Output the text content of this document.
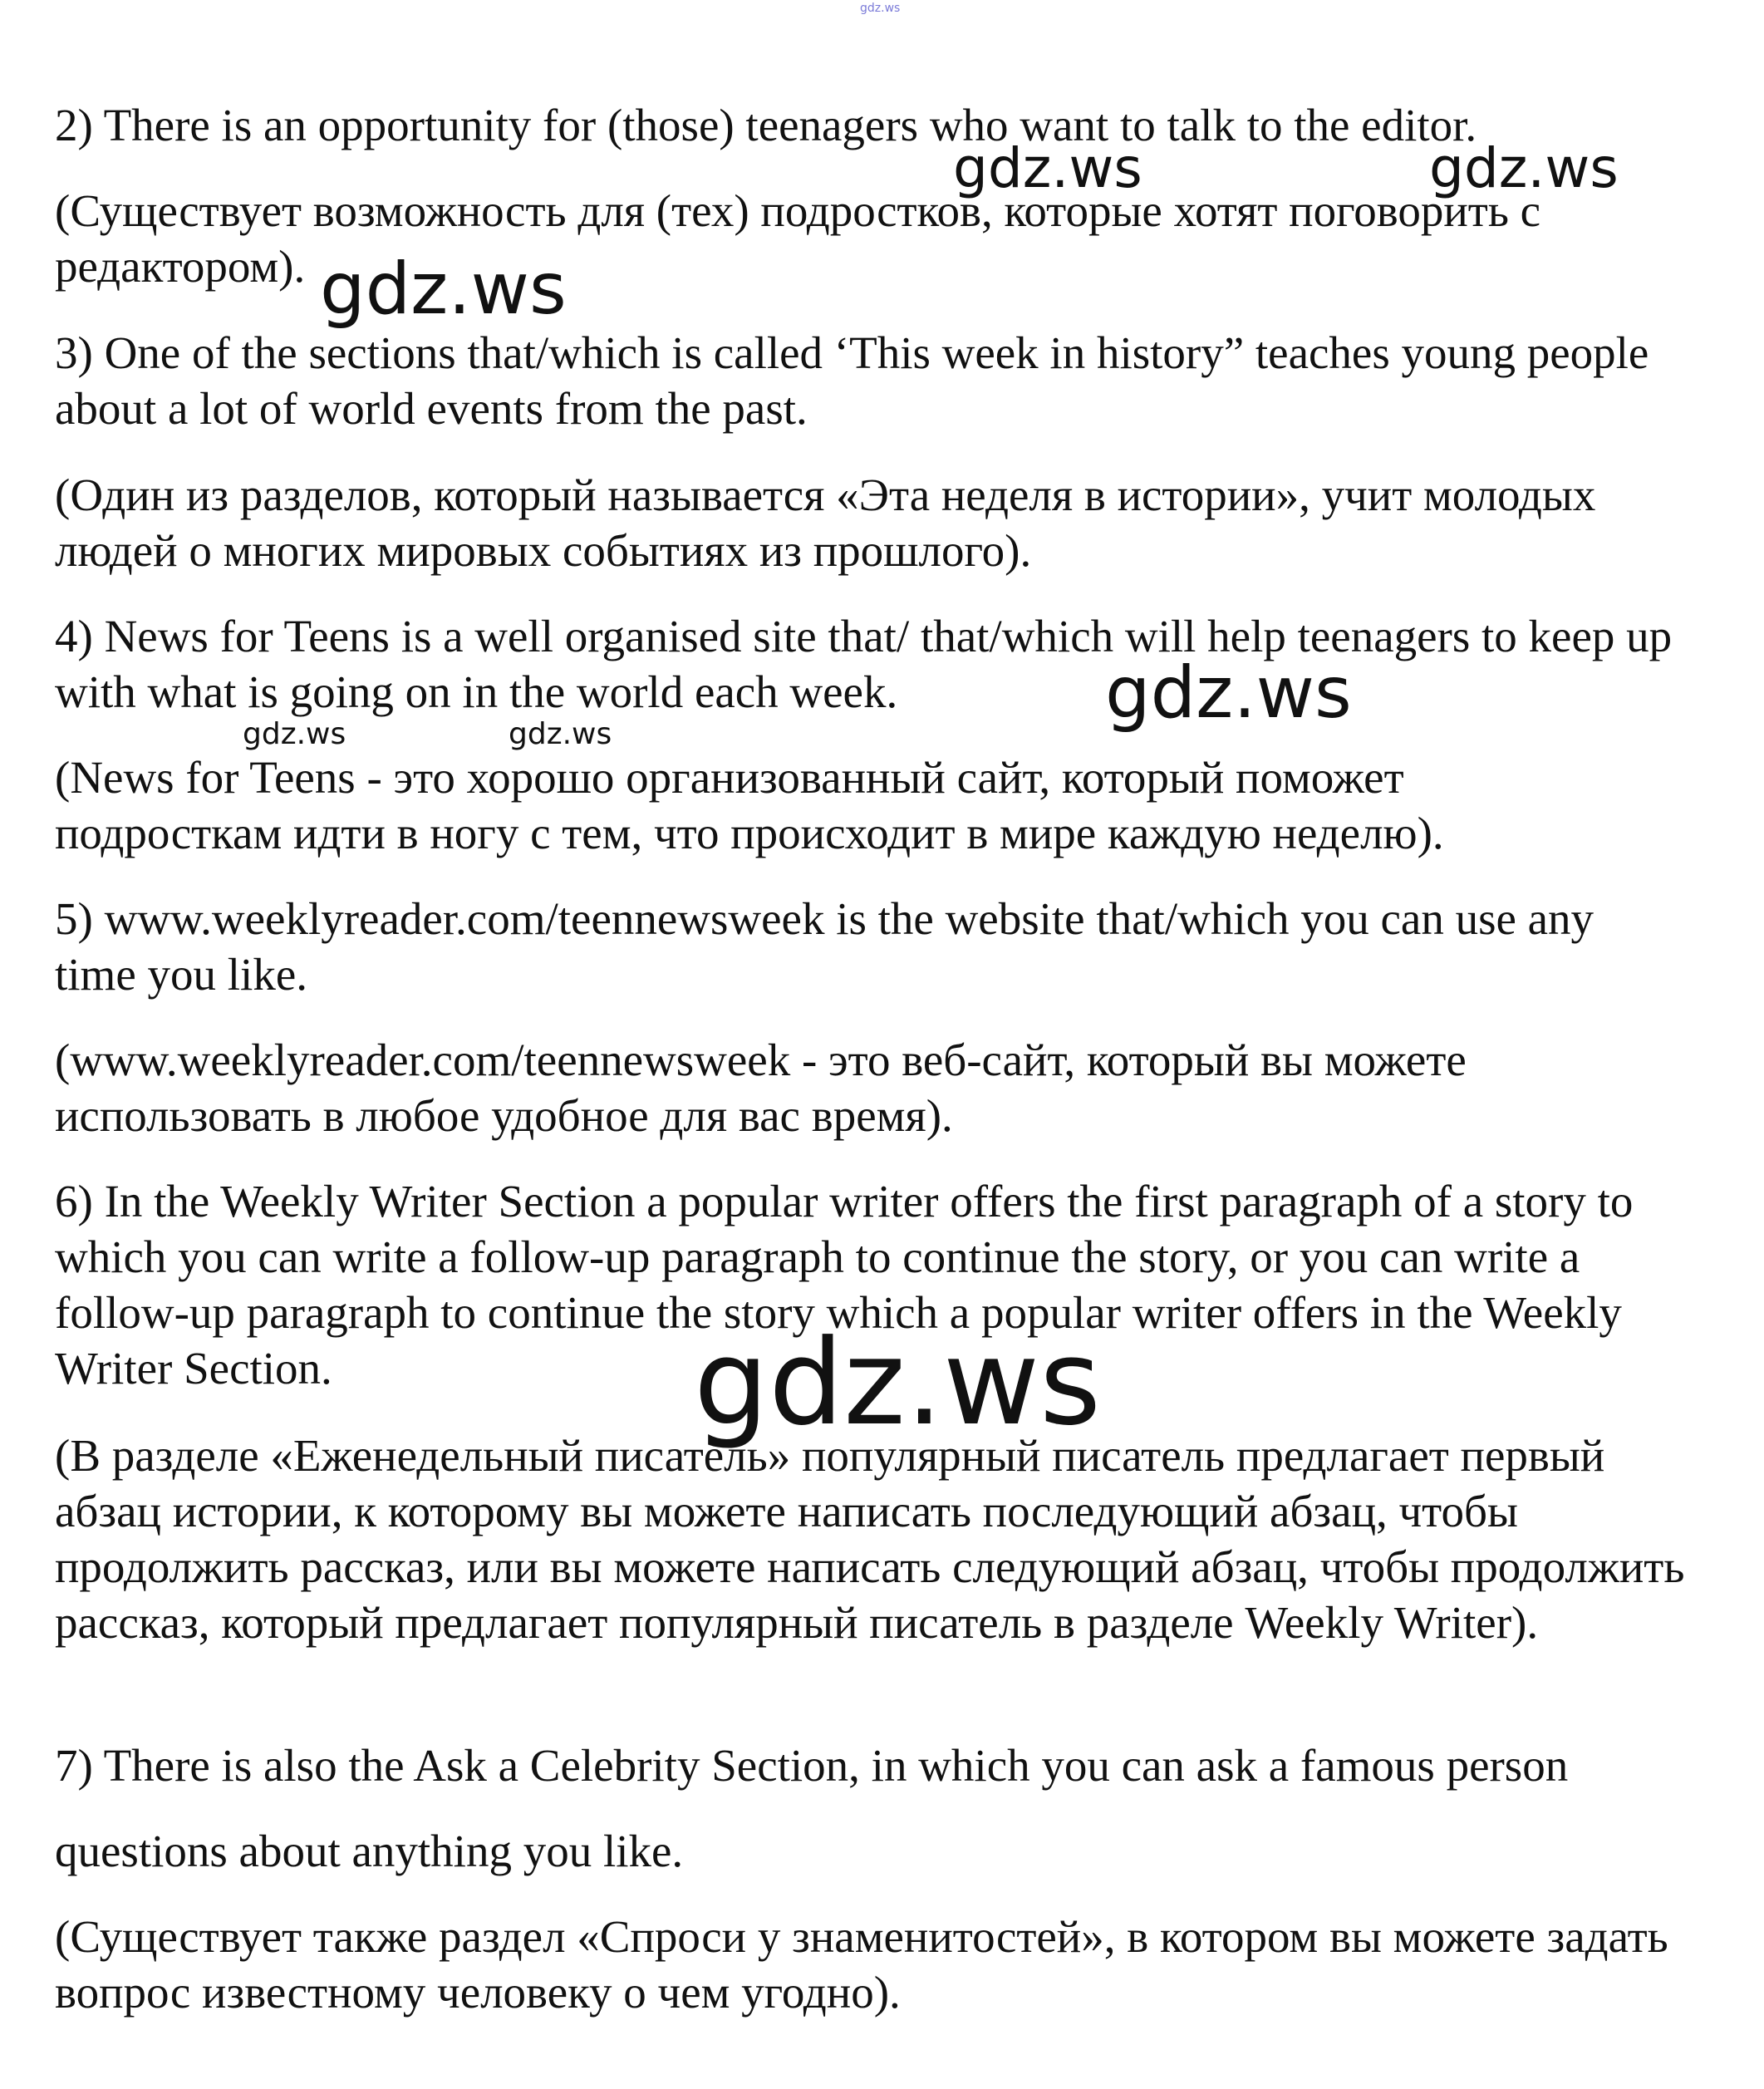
gdz.ws

2) There is an opportunity for (those) teenagers who want to talk to the editor.

(Существует возможность для (тех) подростков, которые хотят поговорить с редактором).

3) One of the sections that/which is called ‘This week in history” teaches young people about a lot of world events from the past.

(Один из разделов, который называется «Эта неделя в истории», учит молодых людей о многих мировых событиях из прошлого).

4) News for Teens is a well organised site that/ that/which will help teenagers to keep up with what is going on in the world each week.

(News for Teens - это хорошо организованный сайт, который поможет подросткам идти в ногу с тем, что происходит в мире каждую неделю).

5) www.weeklyreader.com/teennewsweek is the website that/which you can use any time you like.

(www.weeklyreader.com/teennewsweek - это веб-сайт, который вы можете использовать в любое удобное для вас время).

6) In the Weekly Writer Section a popular writer offers the first paragraph of a story to which you can write a follow-up paragraph to continue the story, or you can write a follow-up paragraph to continue the story which a popular writer offers in the Weekly Writer Section.

(В разделе «Еженедельный писатель» популярный писатель предлагает первый абзац истории, к которому вы можете написать последующий абзац, чтобы продолжить рассказ, или вы можете написать следующий абзац, чтобы продолжить рассказ, который предлагает популярный писатель в разделе Weekly Writer).

7) There is also the Ask a Celebrity Section, in which you can ask a famous person

questions about anything you like.

(Существует также раздел «Спроси у знаменитостей», в котором вы можете задать вопрос известному человеку о чем угодно).

gdz.ws	gdz.ws
gdz.ws
gdz.ws
gdz.ws	gdz.ws
gdz.ws
